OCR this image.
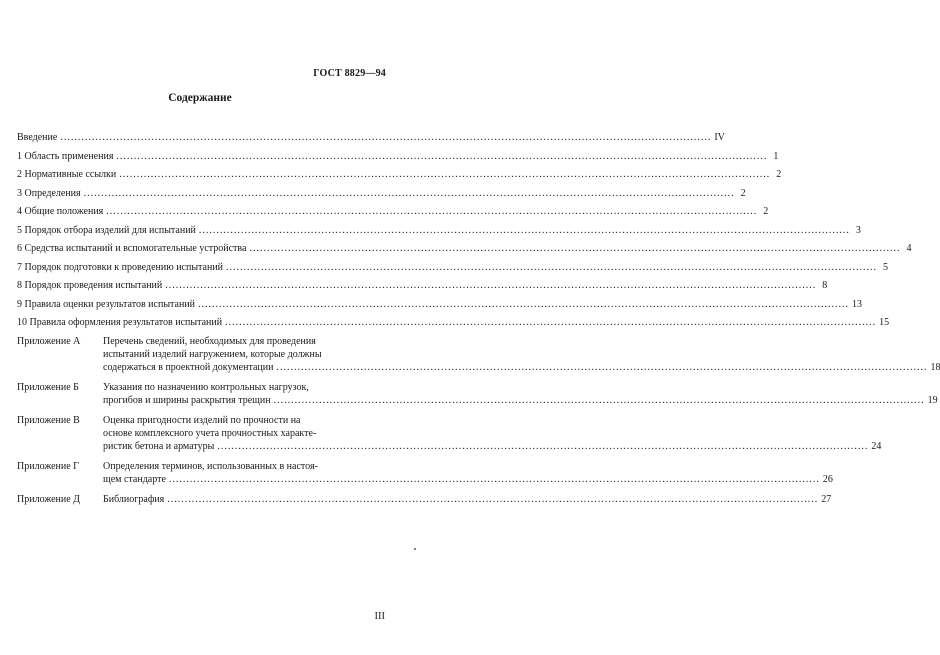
ГОСТ 8829—94
Содержание
Введение .....	IV
1 Область применения .....	1
2 Нормативные ссылки .....	2
3 Определения .....	2
4 Общие положения .....	2
5 Порядок отбора изделий для испытаний .....	3
6 Средства испытаний и вспомогательные устройства .....	4
7 Порядок подготовки к проведению испытаний .....	5
8 Порядок проведения испытаний .....	8
9 Правила оценки результатов испытаний .....	13
10 Правила оформления результатов испытаний .....	15
Приложение А	Перечень сведений, необходимых для проведения
испытаний изделий нагружением, которые должны
содержаться в проектной документации .....	18
Приложение Б	Указания по назначению контрольных нагрузок,
прогибов и ширины раскрытия трещин .....	19
Приложение В	Оценка пригодности изделий по прочности на
основе комплексного учета прочностных характе-
ристик бетона и арматуры .....	24
Приложение Г	Определения терминов, использованных в настоя-
щем стандарте .....	26
Приложение Д	Библиография .....	27
III
